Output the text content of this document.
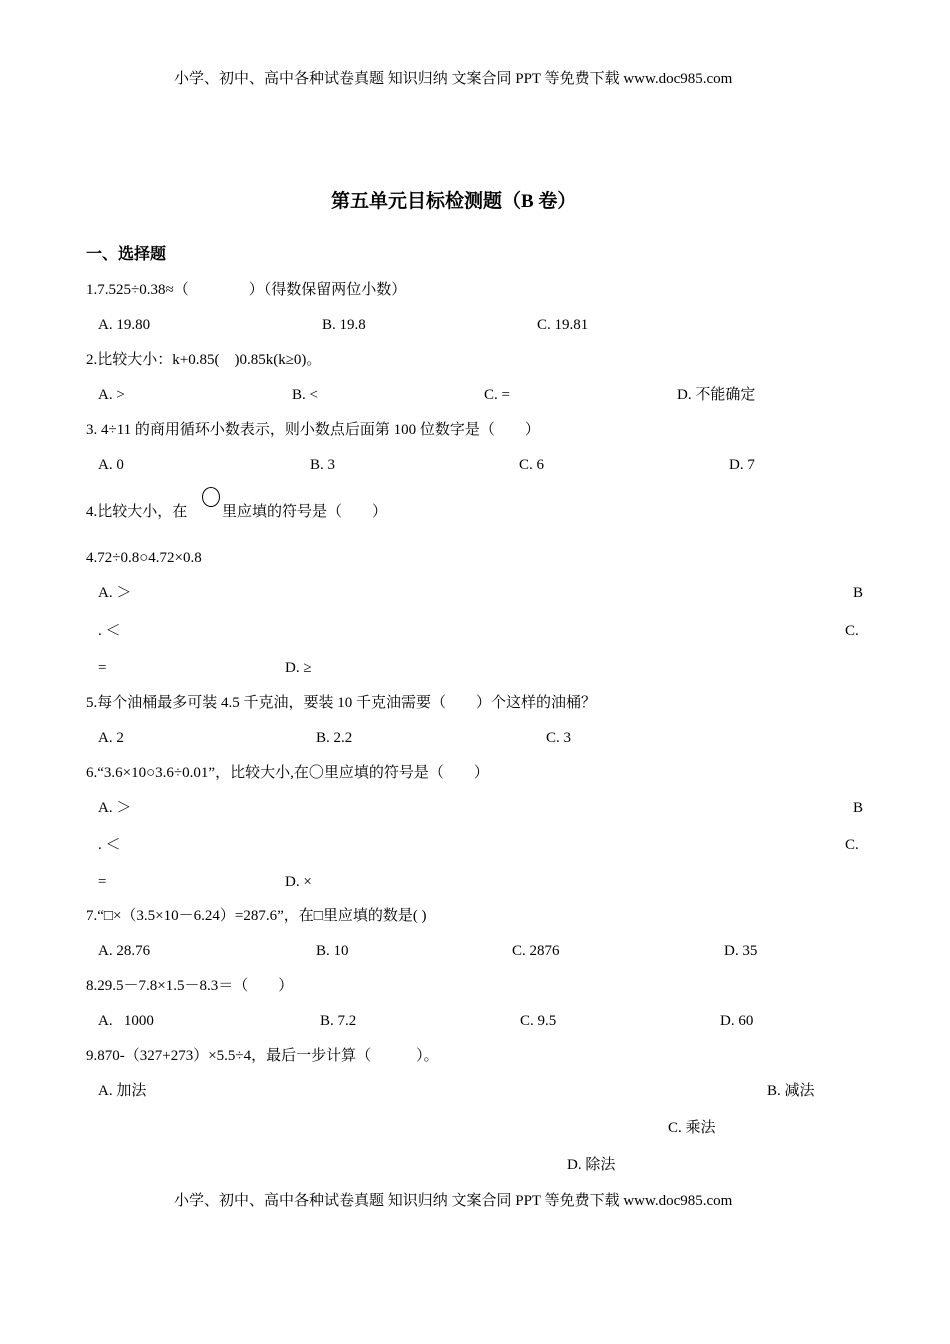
小学、初中、高中各种试卷真题 知识归纳 文案合同 PPT 等免费下载 www.doc985.com
第五单元目标检测题（B 卷）
一、选择题
1.7.525÷0.38≈（　　　　）（得数保留两位小数）
A. 19.80	B. 19.8	C. 19.81
2.比较大小：k+0.85(　)0.85k(k≥0)。
A. >	B. <	C. =	D. 不能确定
3. 4÷11 的商用循环小数表示，则小数点后面第 100 位数字是（　　）
A. 0	B. 3	C. 6	D. 7
4.比较大小，在 里应填的符号是（　　）
4.72÷0.8○4.72×0.8
A. ＞	B
. ＜	C.
=	D. ≥
5.每个油桶最多可装 4.5 千克油，要装 10 千克油需要（　　）个这样的油桶？
A. 2	B. 2.2	C. 3
6.“3.6×10○3.6÷0.01”，比较大小,在〇里应填的符号是（　　）
A. ＞	B
. ＜	C.
=	D. ×
7.“□×（3.5×10－6.24）=287.6”，在□里应填的数是( )
A. 28.76	B. 10	C. 2876	D. 35
8.29.5－7.8×1.5－8.3＝（　　）
A.   1000	B. 7.2	C. 9.5	D. 60
9.870-（327+273）×5.5÷4，最后一步计算（　　　）。
A. 加法	B. 减法
C. 乘法
D. 除法
小学、初中、高中各种试卷真题 知识归纳 文案合同 PPT 等免费下载 www.doc985.com
